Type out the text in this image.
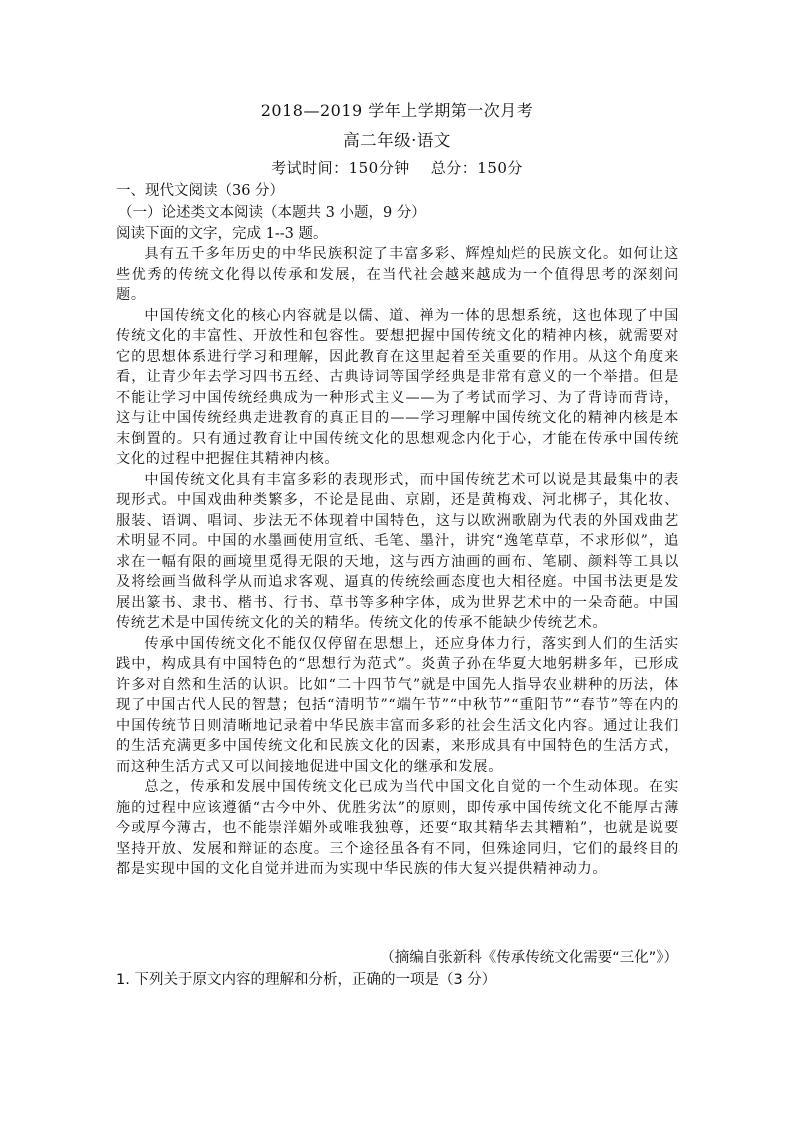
2018—2019 学年上学期第一次月考
高二年级·语文
考试时间：150分钟    总分：150分
一、现代文阅读（36 分）
（一）论述类文本阅读（本题共 3 小题，9 分）
阅读下面的文字，完成 1--3 题。

具有五千多年历史的中华民族积淀了丰富多彩、辉煌灿烂的民族文化。如何让这些优秀的传统文化得以传承和发展，在当代社会越来越成为一个值得思考的深刻问题。

中国传统文化的核心内容就是以儒、道、禅为一体的思想系统，这也体现了中国传统文化的丰富性、开放性和包容性。要想把握中国传统文化的精神内核，就需要对它的思想体系进行学习和理解，因此教育在这里起着至关重要的作用。从这个角度来看，让青少年去学习四书五经、古典诗词等国学经典是非常有意义的一个举措。但是不能让学习中国传统经典成为一种形式主义——为了考试而学习、为了背诗而背诗，这与让中国传统经典走进教育的真正目的——学习理解中国传统文化的精神内核是本末倒置的。只有通过教育让中国传统文化的思想观念内化于心，才能在传承中国传统文化的过程中把握住其精神内核。

中国传统文化具有丰富多彩的表现形式，而中国传统艺术可以说是其最集中的表现形式。中国戏曲种类繁多，不论是昆曲、京剧，还是黄梅戏、河北梆子，其化妆、服装、语调、唱词、步法无不体现着中国特色，这与以欧洲歌剧为代表的外国戏曲艺术明显不同。中国的水墨画使用宣纸、毛笔、墨汁，讲究“逸笔草草，不求形似”，追求在一幅有限的画境里觅得无限的天地，这与西方油画的画布、笔刷、颜料等工具以及将绘画当做科学从而追求客观、逼真的传统绘画态度也大相径庭。中国书法更是发展出篆书、隶书、楷书、行书、草书等多种字体，成为世界艺术中的一朵奇葩。中国传统艺术是中国传统文化的关的精华。传统文化的传承不能缺少传统艺术。

传承中国传统文化不能仅仅停留在思想上，还应身体力行，落实到人们的生活实践中，构成具有中国特色的“思想行为范式”。炎黄子孙在华夏大地躬耕多年，已形成许多对自然和生活的认识。比如“二十四节气”就是中国先人指导农业耕种的历法，体现了中国古代人民的智慧；包括“清明节”“端午节”“中秋节”“重阳节”“春节”等在内的中国传统节日则清晰地记录着中华民族丰富而多彩的社会生活文化内容。通过让我们的生活充满更多中国传统文化和民族文化的因素，来形成具有中国特色的生活方式，而这种生活方式又可以间接地促进中国文化的继承和发展。

总之，传承和发展中国传统文化已成为当代中国文化自觉的一个生动体现。在实施的过程中应该遵循“古今中外、优胜劣汰”的原则，即传承中国传统文化不能厚古薄今或厚今薄古，也不能崇洋媚外或唯我独尊，还要“取其精华去其糟粕”，也就是说要坚持开放、发展和辩证的态度。三个途径虽各有不同，但殊途同归，它们的最终目的都是实现中国的文化自觉并进而为实现中华民族的伟大复兴提供精神动力。

（摘编自张新科《传承传统文化需要“三化”》）
1. 下列关于原文内容的理解和分析，正确的一项是（3 分）
